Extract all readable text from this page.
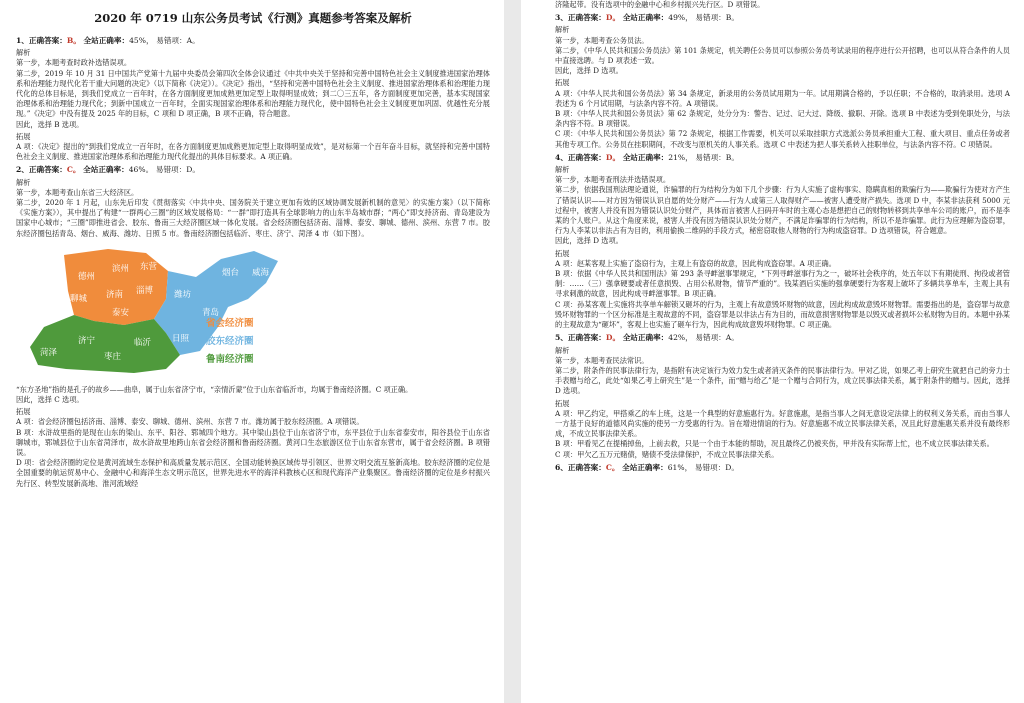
2020 年 0719 山东公务员考试《行测》真题参考答案及解析

1、正确答案：B。 全站正确率：45%， 易错项：A。

解析

第一步，本题考查时政补选错误项。

第二步，2019 年 10 月 31 日中国共产党第十九届中央委员会第四次全体会议通过《中共中央关于坚持和完善中国特色社会主义制度推进国家治理体系和治理能力现代化若干重大问题的决定》（以下简称《决定》）。《决定》指出，“坚持和完善中国特色社会主义制度、推进国家治理体系和治理能力现代化的总体目标是，到我们党成立一百年时，在各方面制度更加成熟更加定型上取得明显成效；到二〇三五年，各方面制度更加完善，基本实现国家治理体系和治理能力现代化；到新中国成立一百年时，全面实现国家治理体系和治理能力现代化，使中国特色社会主义制度更加巩固、优越性充分展现。”《决定》中没有提及 2025 年的目标，C 项和 D 项正确，B 项不正确，符合题意。

因此，选择 B 选项。

拓展

A 项：《决定》提出的“到我们党成立一百年时，在各方面制度更加成熟更加定型上取得明显成效”，是对标第一个百年奋斗目标，就坚持和完善中国特色社会主义制度、推进国家治理体系和治理能力现代化提出的具体目标要求。A 项正确。

2、正确答案：C。 全站正确率：46%。 易错项：D。

解析

第一步，本题考查山东省三大经济区。

第二步，2020 年 1 月起，山东先后印发《贯彻落实〈中共中央、国务院关于建立更加有效的区域协调发展新机制的意见〉的实施方案》（以下简称《实施方案》），其中提出了构建“一群两心三圈”的区域发展格局：“一群”即打造具有全球影响力的山东半岛城市群；“两心”即支持济南、青岛建设为国家中心城市；“三圈”即推进省会、胶东、鲁南三大经济圈区域一体化发展。省会经济圈包括济南、淄博、泰安、聊城、德州、滨州、东营 7 市。胶东经济圈包括青岛、烟台、威海、潍坊、日照 5 市。鲁南经济圈包括临沂、枣庄、济宁、菏泽 4 市（如下图）。

德州
滨州 东营
聊城 济南 淄博
泰安
烟台 威海
潍坊
青岛
日照
菏泽
济宁
枣庄
临沂
省会经济圈
胶东经济圈
鲁南经济圈

“东方圣地”指的是孔子的故乡——曲阜，属于山东省济宁市，“亲情沂蒙”位于山东省临沂市，均属于鲁南经济圈。C 项正确。

因此，选择 C 选项。

拓展

A 项：省会经济圈包括济南、淄博、泰安、聊城、德州、滨州、东营 7 市。潍坊属于胶东经济圈。A 项错误。

B 项：水浒故里指的是现在山东的梁山、东平、阳谷、郓城四个地方。其中梁山县位于山东省济宁市，东平县位于山东省泰安市，阳谷县位于山东省聊城市，郓城县位于山东省菏泽市，故水浒故里地跨山东省会经济圈和鲁南经济圈。黄河口生态旅游区位于山东省东营市，属于省会经济圈。B 项错误。

D 项：省会经济圈的定位是黄河流域生态保护和高质量发展示范区、全国动能转换区域传导引领区、世界文明交流互鉴新高地。胶东经济圈的定位是全国重要的航运贸易中心、金融中心和海洋生态文明示范区，世界先进水平的海洋科教核心区和现代海洋产业集聚区。鲁南经济圈的定位是乡村振兴先行区、转型发展新高地、淮河流域经

济隆起带。没有选项中的金融中心和乡村振兴先行区。D 项错误。

3、正确答案：D。 全站正确率：49%， 易错项：B。

解析

第一步，本题考查公务员法。

第二步，《中华人民共和国公务员法》第 101 条规定，机关聘任公务员可以参照公务员考试录用的程序进行公开招聘，也可以从符合条件的人员中直接选聘。与 D 项表述一致。

因此，选择 D 选项。

拓展

A 项：《中华人民共和国公务员法》第 34 条规定，新录用的公务员试用期为一年。试用期满合格的，予以任职；不合格的，取消录用。选项 A 表述为 6 个月试用期，与法条内容不符。A 项错误。

B 项：《中华人民共和国公务员法》第 62 条规定，处分分为：警告、记过、记大过、降级、撤职、开除。选项 B 中表述为受到免职处分，与法条内容不符。B 项错误。

C 项：《中华人民共和国公务员法》第 72 条规定，根据工作需要，机关可以采取挂职方式选派公务员承担重大工程、重大项目、重点任务或者其他专项工作。公务员在挂职期间，不改变与原机关的人事关系。选项 C 中表述为把人事关系转入挂职单位，与法条内容不符。C 项错误。

4、正确答案：D。 全站正确率：21%， 易错项：B。

解析

第一步，本题考查刑法并选错误项。

第二步，依据我国刑法理论通说，诈骗罪的行为结构分为如下几个步骤：行为人实施了虚构事实、隐瞒真相的欺骗行为——欺骗行为使对方产生了错误认识——对方因为错误认识自愿的处分财产——行为人或第三人取得财产——被害人遭受财产损失。选项 D 中，李某非法获利 5000 元过程中，被害人并没有因为错误认识处分财产，具体而言被害人扫码开车时的主观心态是想把自己的财物转移到共享单车公司的账户，而不是李某的个人账户。从这个角度来说，被害人并没有因为错误认识处分财产，不满足诈骗罪的行为结构，所以不是诈骗罪。此行为应理解为盗窃罪，行为人李某以非法占有为目的，利用偷换二维码的手段方式，秘密窃取他人财物的行为构成盗窃罪。D 选项错误，符合题意。

因此，选择 D 选项。

拓展

A 项：赵某客观上实施了盗窃行为，主观上有盗窃的故意，因此构成盗窃罪。A 项正确。

B 项：依据《中华人民共和国刑法》第 293 条寻衅滋事罪规定，“下列寻衅滋事行为之一，破坏社会秩序的，处五年以下有期徒刑、拘役或者管制：……（三）强拿硬要或者任意损毁、占用公私财物，情节严重的”。钱某酒后实施的强拿硬要行为客观上破坏了多辆共享单车，主观上具有寻求刺激的故意，因此构成寻衅滋事罪。B 项正确。

C 项：孙某客观上实施将共享单车解锁又砸坏的行为，主观上有故意毁坏财物的故意，因此构成故意毁坏财物罪。需要指出的是，盗窃罪与故意毁坏财物罪的一个区分标准是主观故意的不同，盗窃罪是以非法占有为目的，而故意损害财物罪是以毁灭或者损坏公私财物为目的。本题中孙某的主观故意为“砸坏”，客观上也实施了砸车行为，因此构成故意毁坏财物罪。C 项正确。

5、正确答案：D。 全站正确率：42%， 易错项：A。

解析

第一步，本题考查民法常识。

第二步，附条件的民事法律行为，是指附有决定该行为效力发生或者消灭条件的民事法律行为。甲对乙说，如果乙考上研究生就把自己的旁力士手表赠与给乙，此处“如果乙考上研究生”是一个条件，而“赠与给乙”是一个赠与合同行为，成立民事法律关系，属于附条件的赠与。因此，选择 D 选项。

拓展

A 项：甲乙约定，甲搭乘乙的车上班，这是一个典型的好意施惠行为。好意施惠，是指当事人之间无意设定法律上的权利义务关系，而由当事人一方基于良好的道德风尚实施的使另一方受惠的行为。旨在增进情谊的行为。好意施惠不成立民事法律关系，况且此好意施惠关系并没有最终形成，不成立民事法律关系。

B 项：甲看见乙在提桶掉鱼，上前去救，只是一个由于本能的帮助，况且最终乙仍被夹伤，甲并没有实际帮上忙，也不成立民事法律关系。

C 项：甲欠乙五万元赌债，赌债不受法律保护，不成立民事法律关系。

6、正确答案：C。 全站正确率：61%， 易错项：D。
